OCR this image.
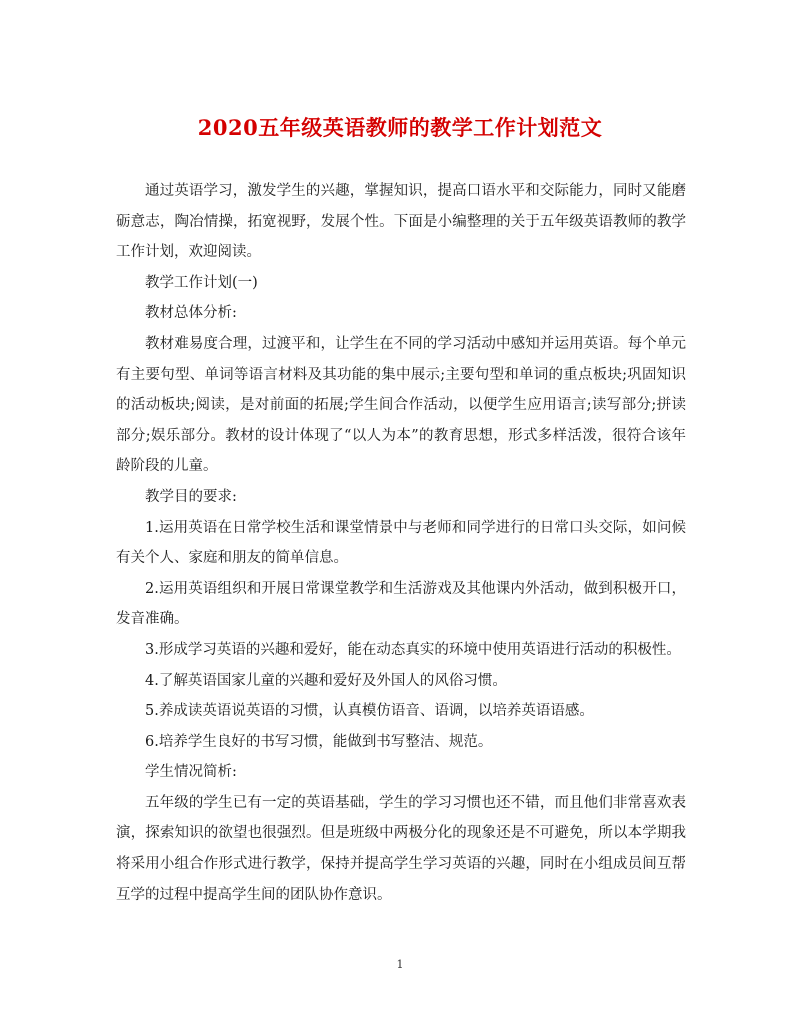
2020五年级英语教师的教学工作计划范文

通过英语学习，激发学生的兴趣，掌握知识，提高口语水平和交际能力，同时又能磨砺意志，陶冶情操，拓宽视野，发展个性。下面是小编整理的关于五年级英语教师的教学工作计划，欢迎阅读。

教学工作计划(一)

教材总体分析:

教材难易度合理，过渡平和，让学生在不同的学习活动中感知并运用英语。每个单元有主要句型、单词等语言材料及其功能的集中展示;主要句型和单词的重点板块;巩固知识的活动板块;阅读，是对前面的拓展;学生间合作活动，以便学生应用语言;读写部分;拼读部分;娱乐部分。教材的设计体现了“以人为本”的教育思想，形式多样活泼，很符合该年龄阶段的儿童。

教学目的要求:

1.运用英语在日常学校生活和课堂情景中与老师和同学进行的日常口头交际，如问候有关个人、家庭和朋友的简单信息。

2.运用英语组织和开展日常课堂教学和生活游戏及其他课内外活动，做到积极开口，发音准确。

3.形成学习英语的兴趣和爱好，能在动态真实的环境中使用英语进行活动的积极性。

4.了解英语国家儿童的兴趣和爱好及外国人的风俗习惯。

5.养成读英语说英语的习惯，认真模仿语音、语调，以培养英语语感。

6.培养学生良好的书写习惯，能做到书写整洁、规范。

学生情况简析:

五年级的学生已有一定的英语基础，学生的学习习惯也还不错，而且他们非常喜欢表演，探索知识的欲望也很强烈。但是班级中两极分化的现象还是不可避免，所以本学期我将采用小组合作形式进行教学，保持并提高学生学习英语的兴趣，同时在小组成员间互帮互学的过程中提高学生间的团队协作意识。

1
